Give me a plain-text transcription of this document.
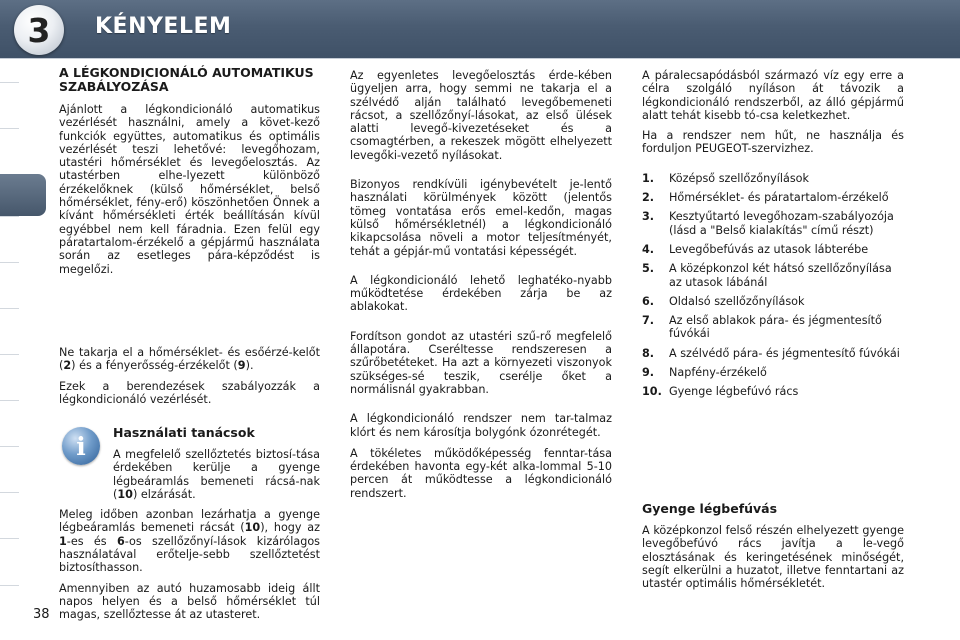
3	KÉNYELEM
A LÉGKONDICIONÁLÓ AUTOMATIKUS SZABÁLYOZÁSA

Ajánlott a légkondicionáló automatikus vezérlését használni, amely a követ-kező funkciók együttes, automatikus és optimális vezérlését teszi lehetővé: levegőhozam, utastéri hőmérséklet és levegőelosztás. Az utastérben elhe-lyezett különböző érzékelőknek (külső hőmérséklet, belső hőmérséklet, fény-erő) köszönhetően Önnek a kívánt hőmérsékleti érték beállításán kívül egyébbel nem kell fáradnia. Ezen felül egy páratartalom-érzékelő a gépjármű használata során az esetleges pára-képződést is megelőzi.

Ne takarja el a hőmérséklet- és esőérzé-kelőt (2) és a fényerősség-érzékelőt (9).

Ezek a berendezések szabályozzák a légkondicionáló vezérlését.

i Használati tanácsok

A megfelelő szellőztetés biztosí-tása érdekében kerülje a gyenge légbeáramlás bemeneti rácsá-nak (10) elzárását.

Meleg időben azonban lezárhatja a gyenge légbeáramlás bemeneti rácsát (10), hogy az 1-es és 6-os szellőzőnyí-lások kizárólagos használatával erőteljе-sebb szellőztetést biztosíthasson.

Amennyiben az autó huzamosabb ideig állt napos helyen és a belső hőmérséklet túl magas, szellőztesse át az utasteret.

Az egyenletes levegőelosztás érde-kében ügyeljen arra, hogy semmi ne takarja el a szélvédő alján található levegőbemeneti rácsot, a szellőzőnyí-lásokat, az első ülések alatti levegő-kivezetéseket és a csomagtérben, a rekeszek mögött elhelyezett levegőki-vezető nyílásokat.

Bizonyos rendkívüli igénybevételt je-lentő használati körülmények között (jelentős tömeg vontatása erős emel-kedőn, magas külső hőmérsékletnél) a légkondicionáló kikapcsolása növeli a motor teljesítményét, tehát a gépjár-mű vontatási képességét.

A légkondicionáló lehető leghatéko-nyabb működtetése érdekében zárja be az ablakokat.

Fordítson gondot az utastéri szű-rő megfelelő állapotára. Cseréltesse rendszeresen a szűrőbetéteket. Ha azt a környezeti viszonyok szükséges-sé teszik, cserélje őket a normálisnál gyakrabban.

A légkondicionáló rendszer nem tar-talmaz klórt és nem károsítja bolygónk ózonrétegét.

A tökéletes működőképesség fenntar-tása érdekében havonta egy-két alka-lommal 5-10 percen át működtesse a légkondicionáló rendszert.

A páralecsapódásból származó víz egy erre a célra szolgáló nyíláson át távozik a légkondicionáló rendszerből, az álló gépjármű alatt tehát kisebb tó-csa keletkezhet.

Ha a rendszer nem hűt, ne használja és forduljon PEUGEOT-szervizhez.

1.	Középső szellőzőnyílások
2.	Hőmérséklet- és páratartalom-érzékelő
3.	Kesztyűtartó levegőhozam-szabályozója (lásd a "Belső kialakítás" című részt)
4.	Levegőbefúvás az utasok lábterébe
5.	A középkonzol két hátsó szellőzőnyílása az utasok lábánál
6.	Oldalsó szellőzőnyílások
7.	Az első ablakok pára- és jégmentesítő fúvókái
8.	A szélvédő pára- és jégmentesítő fúvókái
9.	Napfény-érzékelő
10. Gyenge légbefúvó rács
Gyenge légbefúvás

A középkonzol felső részén elhelyezett gyenge levegőbefúvó rács javítja a le-vegő elosztásának és keringetésének minőségét, segít elkerülni a huzatot, illetve fenntartani az utastér optimális hőmérsékletét.

38
